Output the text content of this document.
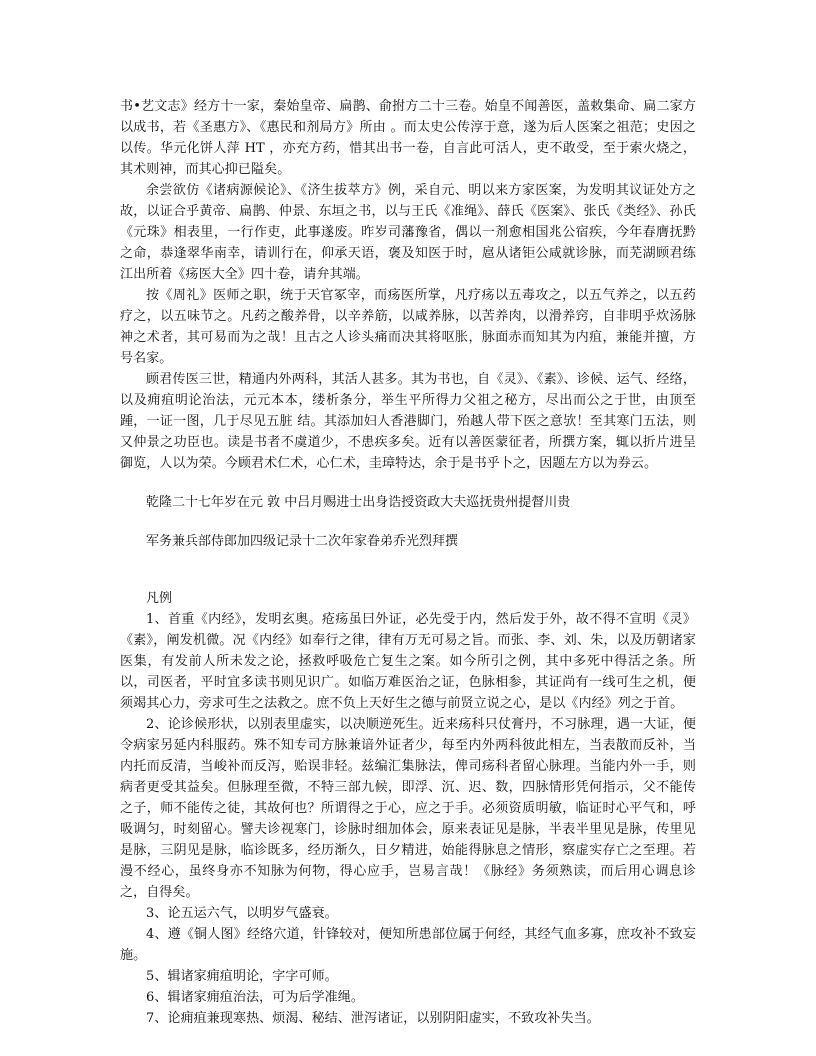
书•艺文志》经方十一家，秦始皇帝、扁鹊、俞拊方二十三卷。始皇不闻善医，盖敕集命、扁二家方以成书，若《圣惠方》、《惠民和剂局方》所由 。而太史公传淳于意，遂为后人医案之祖范；史因之以传。华元化饼人萍 HT ，亦充方药，惜其出书一卷，自言此可活人，吏不敢受，至于索火烧之，其术则神，而其心抑已隘矣。

余尝欲仿《诸病源候论》、《济生拔萃方》例，采自元、明以来方家医案，为发明其议证处方之故，以证合乎黄帝、扁鹊、仲景、东垣之书，以与王氏《准绳》、薛氏《医案》、张氏《类经》、孙氏《元珠》相表里，一行作吏，此事遂废。昨岁司藩豫省，偶以一剂愈相国兆公宿疾，今年春膺抚黔之命，恭逢翠华南幸，请训行在，仰承天语，褒及知医于时，扈从诸钜公咸就诊脉，而芜湖顾君练江出所着《疡医大全》四十卷，请弁其端。

按《周礼》医师之职，统于天官冢宰，而疡医所掌，凡疗疡以五毒攻之，以五气养之，以五药疗之，以五味节之。凡药之酸养骨，以辛养筋，以咸养脉，以苦养肉，以滑养窍，自非明乎炊汤脉神之术者，其可易而为之哉！且古之人诊头痛而决其将呕胀，脉面赤而知其为内疽，兼能并擅，方号名家。

顾君传医三世，精通内外两科，其活人甚多。其为书也，自《灵》、《素》、诊候、运气、经络，以及痈疽明论治法，元元本本，缕析条分，举生平所得力父祖之秘方，尽出而公之于世，由顶至踵，一证一图，几于尽见五脏 结。其添加妇人香港脚门，殆越人带下医之意欤！至其寒门五法，则又仲景之功臣也。读是书者不虞道少，不患疾多矣。近有以善医蒙征者，所撰方案，辄以折片进呈御览，人以为荣。今顾君术仁术，心仁术，圭璋特达，余于是书乎卜之，因题左方以为券云。

乾隆二十七年岁在元 敦 中吕月赐进士出身诰授资政大夫巡抚贵州提督川贵

军务兼兵部侍郎加四级记录十二次年家眷弟乔光烈拜撰

凡例

1、首重《内经》，发明玄奥。疮疡虽曰外证，必先受于内，然后发于外，故不得不宣明《灵》《素》，阐发机微。况《内经》如奉行之律，律有万无可易之旨。而张、李、刘、朱，以及历朝诸家医集，有发前人所未发之论，拯救呼吸危亡复生之案。如今所引之例，其中多死中得活之条。所以，司医者，平时宜多读书则见识广。如临万难医治之证，色脉相参，其证尚有一线可生之机，便须竭其心力，旁求可生之法救之。庶不负上天好生之德与前贤立说之心，是以《内经》列之于首。

2、论诊候形状，以别表里虚实，以决顺逆死生。近来疡科只仗膏丹，不习脉理，遇一大证，便令病家另延内科服药。殊不知专司方脉兼谙外证者少，每至内外两科彼此相左，当表散而反补，当内托而反清，当峻补而反泻，贻误非轻。兹编汇集脉法，俾司疡科者留心脉理。当能内外一手，则病者更受其益矣。但脉理至微，不特三部九候，即浮、沉、迟、数，四脉情形凭何指示，父不能传之子，师不能传之徒，其故何也？所谓得之于心，应之于手。必须资质明敏，临证时心平气和，呼吸调匀，时刻留心。譬夫诊视寒门，诊脉时细加体会，原来表证见是脉，半表半里见是脉，传里见是脉，三阴见是脉，临诊既多，经历渐久，日夕精进，始能得脉息之情形，察虚实存亡之至理。若漫不经心，虽终身亦不知脉为何物，得心应手，岂易言哉！《脉经》务须熟读，而后用心调息诊之，自得矣。

3、论五运六气，以明岁气盛衰。

4、遵《铜人图》经络穴道，针锋较对，便知所患部位属于何经，其经气血多寡，庶攻补不致妄施。

5、辑诸家痈疽明论，字字可师。

6、辑诸家痈疽治法，可为后学准绳。

7、论痈疽兼现寒热、烦渴、秘结、泄泻诸证，以别阴阳虚实，不致攻补失当。
